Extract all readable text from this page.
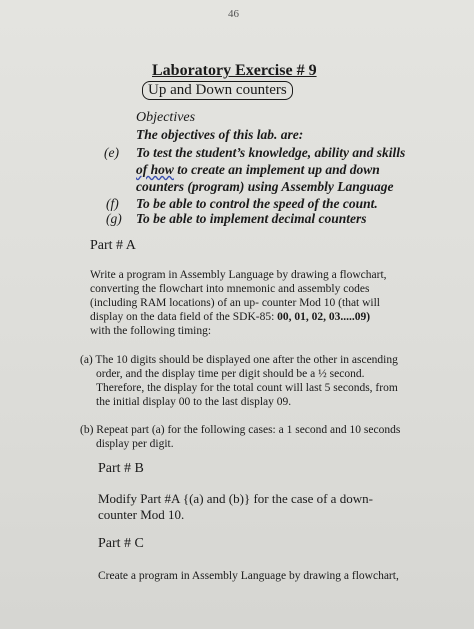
46
Laboratory Exercise # 9
Up and Down counters
Objectives
The objectives of this lab. are:
(e) To test the student’s knowledge, ability and skills
of how to create an implement up and down
counters (program) using Assembly Language
(f) To be able to control the speed of the count.
(g) To be able to implement decimal counters
Part # A
Write a program in Assembly Language by drawing a flowchart,
converting the flowchart into mnemonic and assembly codes
(including RAM locations) of an up- counter Mod 10 (that will
display on the data field of the SDK-85: 00, 01, 02, 03.....09)
with the following timing:
(a) The 10 digits should be displayed one after the other in ascending
order, and the display time per digit should be a ½ second.
Therefore, the display for the total count will last 5 seconds, from
the initial display 00 to the last display 09.
(b) Repeat part (a) for the following cases: a 1 second and 10 seconds
display per digit.
Part # B
Modify Part #A {(a) and (b)} for the case of a down-
counter Mod 10.
Part # C
Create a program in Assembly Language by drawing a flowchart,
